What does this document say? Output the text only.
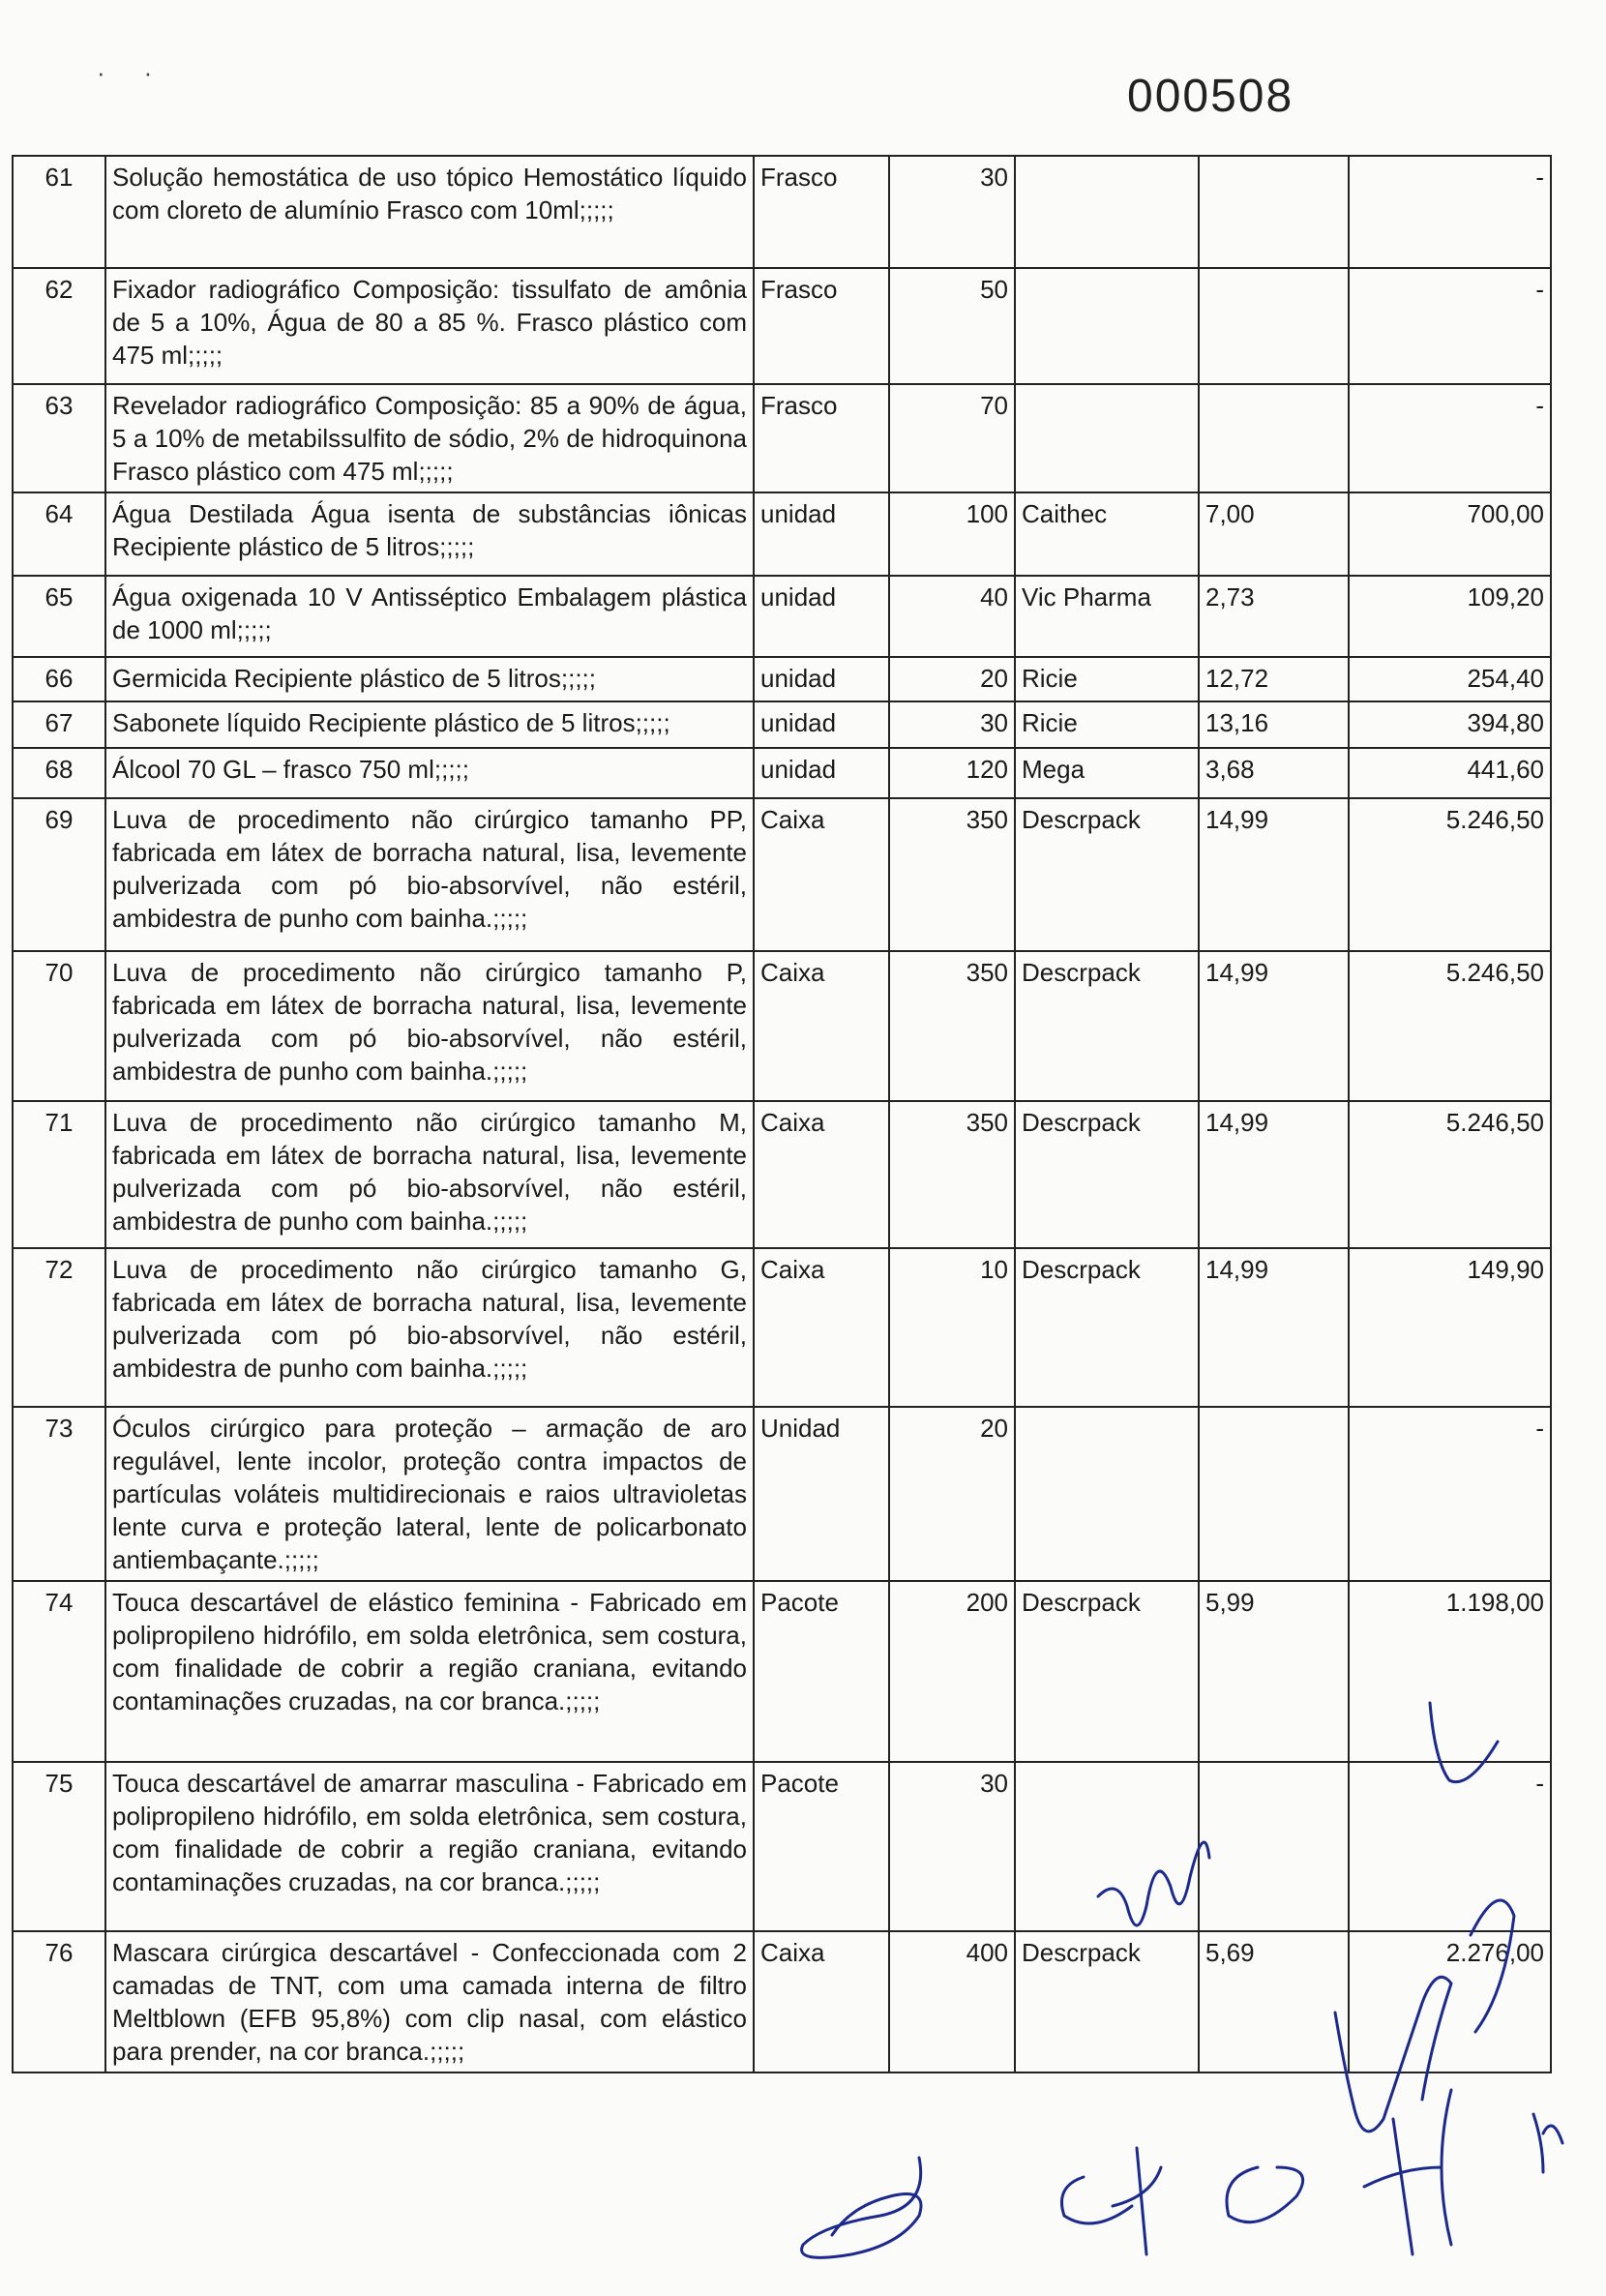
000508
··
61	Solução hemostática de uso tópico Hemostático líquido com cloreto de alumínio Frasco com 10ml;;;;;	Frasco	30			-
62	Fixador radiográfico Composição: tissulfato de amônia de 5 a 10%, Água de 80 a 85 %. Frasco plástico com 475 ml;;;;;	Frasco	50			-
63	Revelador radiográfico Composição: 85 a 90% de água, 5 a 10% de metabilssulfito de sódio, 2% de hidroquinona Frasco plástico com 475 ml;;;;;	Frasco	70			-
64	Água Destilada Água isenta de substâncias iônicas Recipiente plástico de 5 litros;;;;;	unidad	100	Caithec	7,00	700,00
65	Água oxigenada 10 V Antisséptico Embalagem plástica de 1000 ml;;;;;	unidad	40	Vic Pharma	2,73	109,20
66	Germicida Recipiente plástico de 5 litros;;;;;	unidad	20	Ricie	12,72	254,40
67	Sabonete líquido Recipiente plástico de 5 litros;;;;;	unidad	30	Ricie	13,16	394,80
68	Álcool 70 GL – frasco 750 ml;;;;;	unidad	120	Mega	3,68	441,60
69	Luva de procedimento não cirúrgico tamanho PP, fabricada em látex de borracha natural, lisa, levemente pulverizada com pó bio-absorvível, não estéril, ambidestra de punho com bainha.;;;;;	Caixa	350	Descrpack	14,99	5.246,50
70	Luva de procedimento não cirúrgico tamanho P, fabricada em látex de borracha natural, lisa, levemente pulverizada com pó bio-absorvível, não estéril, ambidestra de punho com bainha.;;;;;	Caixa	350	Descrpack	14,99	5.246,50
71	Luva de procedimento não cirúrgico tamanho M, fabricada em látex de borracha natural, lisa, levemente pulverizada com pó bio-absorvível, não estéril, ambidestra de punho com bainha.;;;;;	Caixa	350	Descrpack	14,99	5.246,50
72	Luva de procedimento não cirúrgico tamanho G, fabricada em látex de borracha natural, lisa, levemente pulverizada com pó bio-absorvível, não estéril, ambidestra de punho com bainha.;;;;;	Caixa	10	Descrpack	14,99	149,90
73	Óculos cirúrgico para proteção – armação de aro regulável, lente incolor, proteção contra impactos de partículas voláteis multidirecionais e raios ultravioletas lente curva e proteção lateral, lente de policarbonato antiembaçante.;;;;;	Unidad	20			-
74	Touca descartável de elástico feminina - Fabricado em polipropileno hidrófilo, em solda eletrônica, sem costura, com finalidade de cobrir a região craniana, evitando contaminações cruzadas, na cor branca.;;;;;	Pacote	200	Descrpack	5,99	1.198,00
75	Touca descartável de amarrar masculina - Fabricado em polipropileno hidrófilo, em solda eletrônica, sem costura, com finalidade de cobrir a região craniana, evitando contaminações cruzadas, na cor branca.;;;;;	Pacote	30			-
76	Mascara cirúrgica descartável - Confeccionada com 2 camadas de TNT, com uma camada interna de filtro Meltblown (EFB 95,8%) com clip nasal, com elástico para prender, na cor branca.;;;;;	Caixa	400	Descrpack	5,69	2.276,00
